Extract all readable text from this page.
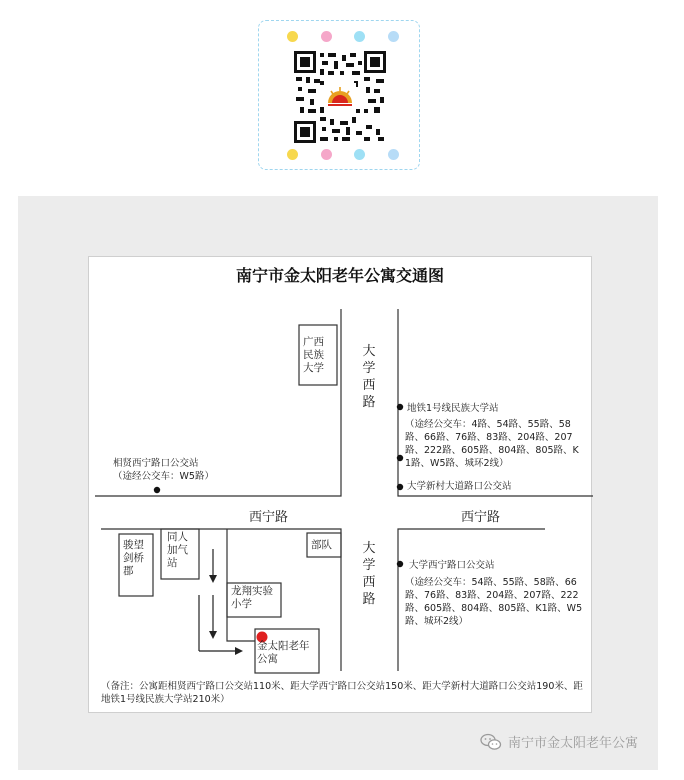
南宁市金太阳老年公寓交通图
大学西路
大学西路
西宁路	西宁路
广西民族大学
骏望剑桥郡
同人加气站
部队
龙翔实验小学
金太阳老年公寓
相贤西宁路口公交站
（途经公交车：W5路）
地铁1号线民族大学站
（途经公交车：4路、54路、55路、58路、66路、76路、83路、204路、207路、222路、605路、804路、805路、K1路、W5路、城环2线）
大学新村大道路口公交站
大学西宁路口公交站
（途经公交车：54路、55路、58路、66路、76路、83路、204路、207路、222路、605路、804路、805路、K1路、W5路、城环2线）
（备注：公寓距相贤西宁路口公交站110米、距大学西宁路口公交站150米、距大学新村大道路口公交站190米、距地铁1号线民族大学站210米）
南宁市金太阳老年公寓
